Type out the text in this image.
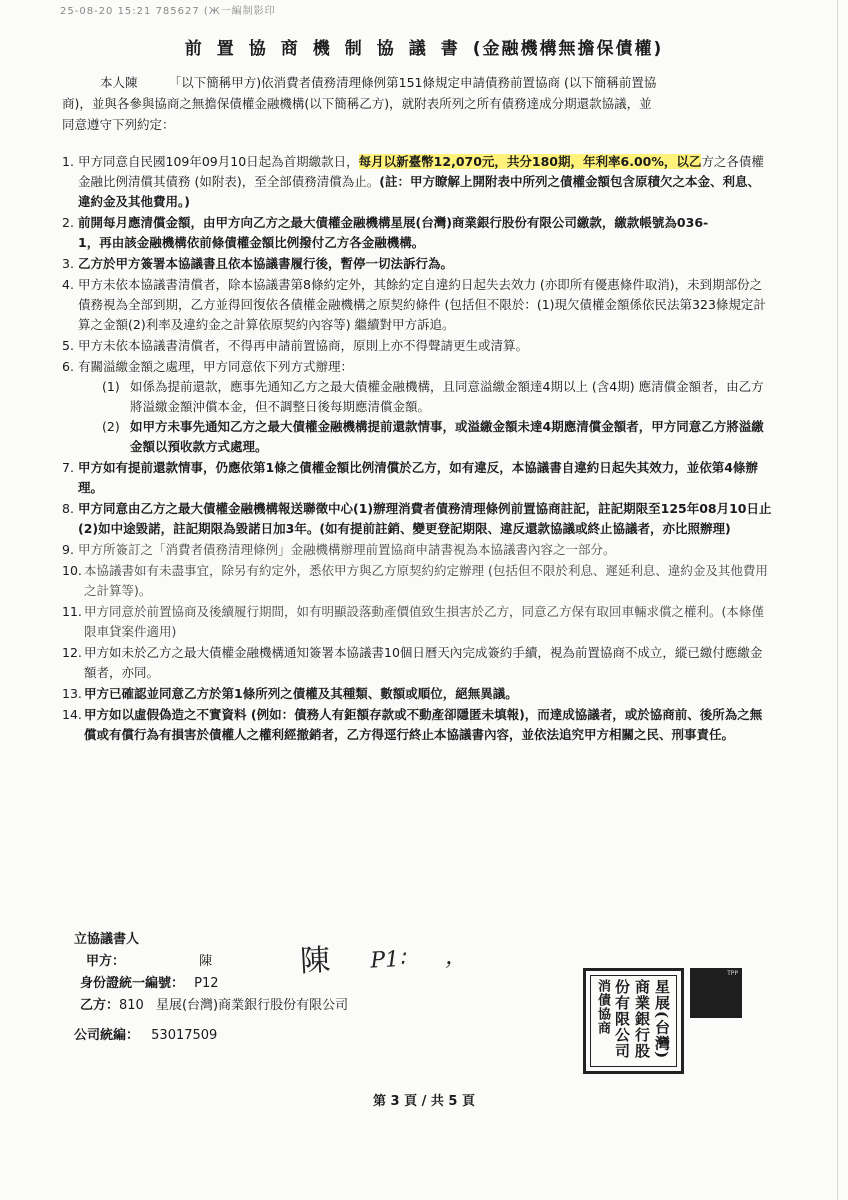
25-08-20 15:21 785627 (Ж一編制影印
前置協商機制協議書(金融機構無擔保債權)
本人陳　　　「以下簡稱甲方)依消費者債務清理條例第151條規定申請債務前置協商 (以下簡稱前置協
商)，並與各參與協商之無擔保債權金融機構(以下簡稱乙方)，就附表所列之所有債務達成分期還款協議，並
同意遵守下列約定：
1. 甲方同意自民國109年09月10日起為首期繳款日，每月以新臺幣12,070元，共分180期，年利率6.00%，以乙方之各債權金融比例清償其債務 (如附表)，至全部債務清償為止。(註：甲方瞭解上開附表中所列之債權金額包含原積欠之本金、利息、違約金及其他費用。)
2. 前開每月應清償金額，由甲方向乙方之最大債權金融機構星展(台灣)商業銀行股份有限公司繳款，繳款帳號為036-　　　　　1，再由該金融機構依前條債權金額比例撥付乙方各金融機構。
3. 乙方於甲方簽署本協議書且依本協議書履行後，暫停一切法訴行為。
4. 甲方未依本協議書清償者，除本協議書第8條約定外，其餘約定自違約日起失去效力 (亦即所有優惠條件取消)，未到期部份之債務視為全部到期，乙方並得回復依各債權金融機構之原契約條件 (包括但不限於：(1)現欠債權金額係依民法第323條規定計算之金額(2)利率及違約金之計算依原契約內容等) 繼續對甲方訴追。
5. 甲方未依本協議書清償者，不得再申請前置協商，原則上亦不得聲請更生或清算。
6. 有關溢繳金額之處理，甲方同意依下列方式辦理：
(1) 如係為提前還款，應事先通知乙方之最大債權金融機構，且同意溢繳金額達4期以上 (含4期) 應清償金額者，由乙方將溢繳金額沖償本金，但不調整日後每期應清償金額。
(2) 如甲方未事先通知乙方之最大債權金融機構提前還款情事，或溢繳金額未達4期應清償金額者，甲方同意乙方將溢繳金額以預收款方式處理。
7. 甲方如有提前還款情事，仍應依第1條之債權金額比例清償於乙方，如有違反，本協議書自違約日起失其效力，並依第4條辦理。
8. 甲方同意由乙方之最大債權金融機構報送聯徵中心(1)辦理消費者債務清理條例前置協商註記，註記期限至125年08月10日止(2)如中途毀諾，註記期限為毀諾日加3年。(如有提前註銷、變更登記期限、違反還款協議或終止協議者，亦比照辦理)
9. 甲方所簽訂之「消費者債務清理條例」金融機構辦理前置協商申請書視為本協議書內容之一部分。
10. 本協議書如有未盡事宜，除另有約定外，悉依甲方與乙方原契約約定辦理 (包括但不限於利息、遲延利息、違約金及其他費用之計算等)。
11. 甲方同意於前置協商及後續履行期間，如有明顯設落動產價值致生損害於乙方，同意乙方保有取回車輛求償之權利。(本條僅限車貸案件適用)
12. 甲方如未於乙方之最大債權金融機構通知簽署本協議書10個日曆天內完成簽約手續，視為前置協商不成立，縱已繳付應繳金額者，亦同。
13. 甲方已確認並同意乙方於第1條所列之債權及其種類、數額或順位，絕無異議。
14. 甲方如以虛假偽造之不實資料 (例如：債務人有鉅額存款或不動產卻隱匿未填報)，而達成協議者，或於協商前、後所為之無償或有償行為有損害於債權人之權利經撤銷者，乙方得逕行終止本協議書內容，並依法追究甲方相關之民、刑事責任。
立協議書人
甲方：	陳
身份證統一編號： P12
乙方：810 星展(台灣)商業銀行股份有限公司
公司統編： 53017509
陳 P1∶ ，
星展(台灣)
商業銀行股
份有限公司
消債協商
ТРР
第 3 頁 / 共 5 頁
